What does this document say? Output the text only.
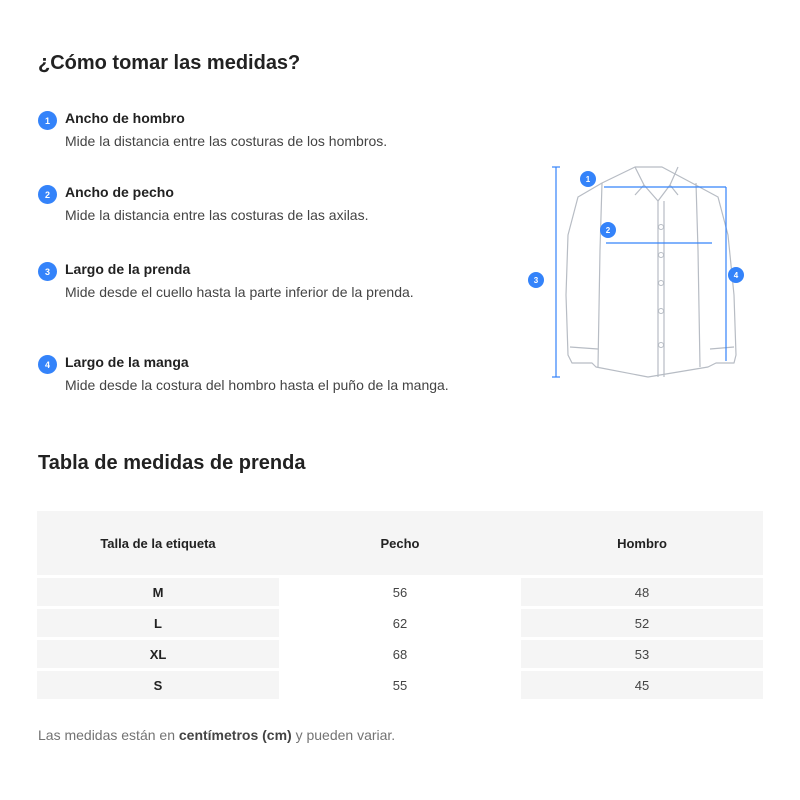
¿Cómo tomar las medidas?
1	Ancho de hombro
Mide la distancia entre las costuras de los hombros.
2	Ancho de pecho
Mide la distancia entre las costuras de las axilas.
3	Largo de la prenda
Mide desde el cuello hasta la parte inferior de la prenda.
4	Largo de la manga
Mide desde la costura del hombro hasta el puño de la manga.
1
2
3
4
Tabla de medidas de prenda
Talla de la etiqueta	Pecho	Hombro
M	56	48
L	62	52
XL	68	53
S	55	45
Las medidas están en centímetros (cm) y pueden variar.
